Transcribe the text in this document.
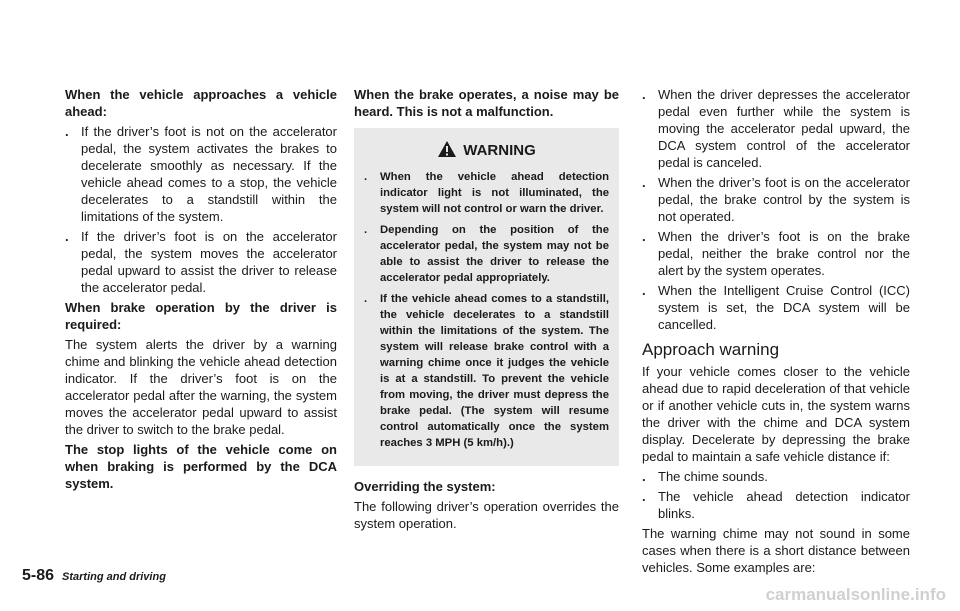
When the vehicle approaches a vehicle ahead:

. If the driver’s foot is not on the accelerator pedal, the system activates the brakes to decelerate smoothly as necessary. If the vehicle ahead comes to a stop, the vehicle decelerates to a standstill within the limitations of the system.
. If the driver’s foot is on the accelerator pedal, the system moves the accelerator pedal upward to assist the driver to release the accelerator pedal.

When brake operation by the driver is required:

The system alerts the driver by a warning chime and blinking the vehicle ahead detection indicator. If the driver’s foot is on the accelerator pedal after the warning, the system moves the accelerator pedal upward to assist the driver to switch to the brake pedal.

The stop lights of the vehicle come on when braking is performed by the DCA system.

When the brake operates, a noise may be heard. This is not a malfunction.

WARNING
. When the vehicle ahead detection indicator light is not illuminated, the system will not control or warn the driver.
. Depending on the position of the accelerator pedal, the system may not be able to assist the driver to release the accelerator pedal appropriately.
. If the vehicle ahead comes to a standstill, the vehicle decelerates to a standstill within the limitations of the system. The system will release brake control with a warning chime once it judges the vehicle is at a standstill. To prevent the vehicle from moving, the driver must depress the brake pedal. (The system will resume control automatically once the system reaches 3 MPH (5 km/h).)

Overriding the system:

The following driver’s operation overrides the system operation.

. When the driver depresses the accelerator pedal even further while the system is moving the accelerator pedal upward, the DCA system control of the accelerator pedal is canceled.
. When the driver’s foot is on the accelerator pedal, the brake control by the system is not operated.
. When the driver’s foot is on the brake pedal, neither the brake control nor the alert by the system operates.
. When the Intelligent Cruise Control (ICC) system is set, the DCA system will be cancelled.
Approach warning

If your vehicle comes closer to the vehicle ahead due to rapid deceleration of that vehicle or if another vehicle cuts in, the system warns the driver with the chime and DCA system display. Decelerate by depressing the brake pedal to maintain a safe vehicle distance if:

. The chime sounds.
. The vehicle ahead detection indicator blinks.

The warning chime may not sound in some cases when there is a short distance between vehicles. Some examples are:

5-86 Starting and driving
carmanualsonline.info
